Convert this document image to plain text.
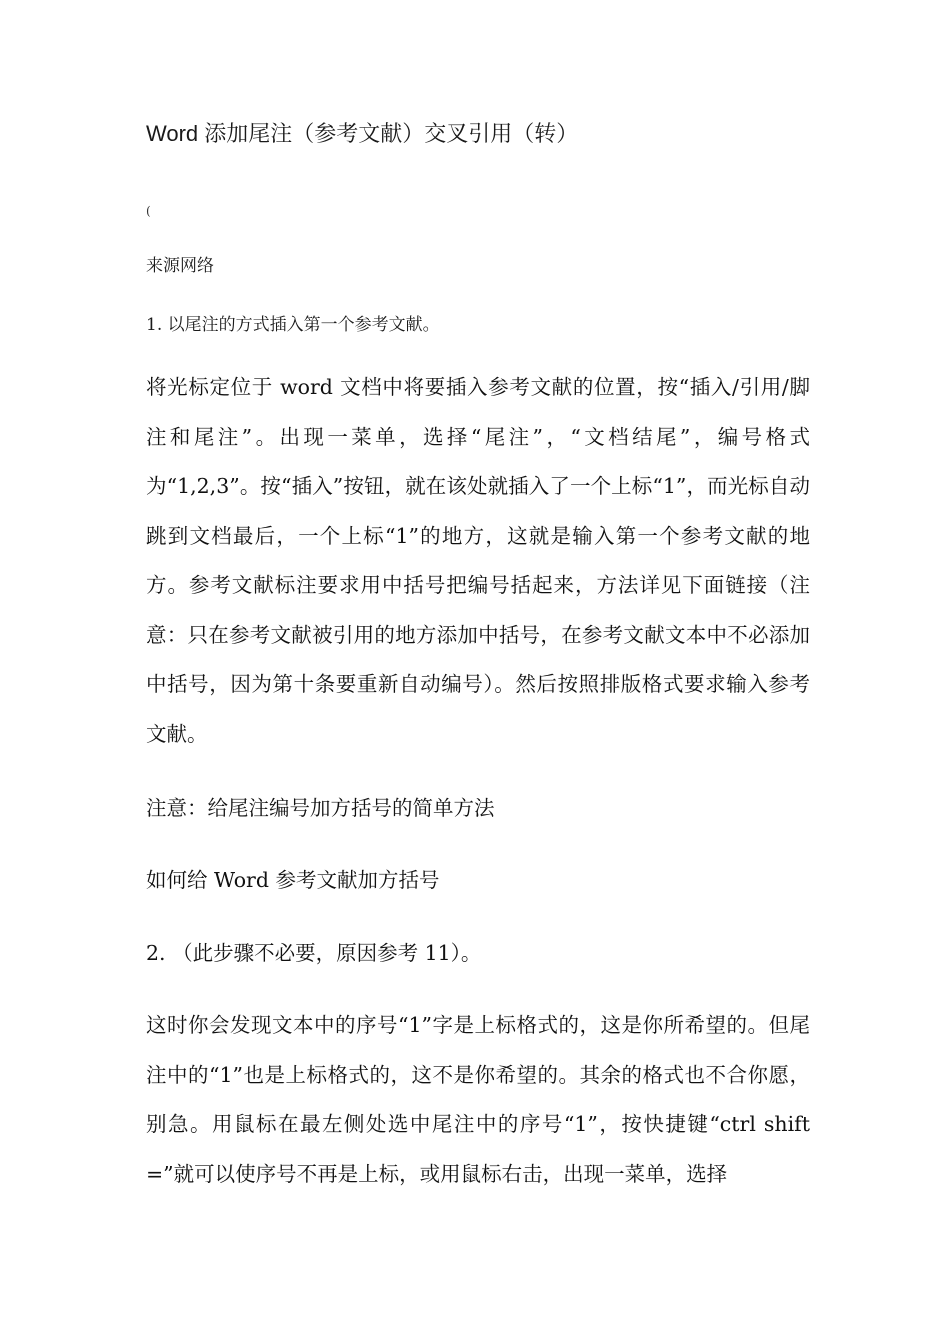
Word 添加尾注（参考文献）交叉引用（转）
(
来源网络
1. 以尾注的方式插入第一个参考文献。
将光标定位于 word 文档中将要插入参考文献的位置，按“插入/引用/脚注和尾注”。出现一菜单，选择“尾注”，“文档结尾”，编号格式为“1,2,3”。按“插入”按钮，就在该处就插入了一个上标“1”，而光标自动跳到文档最后，一个上标“1”的地方，这就是输入第一个参考文献的地方。参考文献标注要求用中括号把编号括起来，方法详见下面链接（注意：只在参考文献被引用的地方添加中括号，在参考文献文本中不必添加中括号，因为第十条要重新自动编号）。然后按照排版格式要求输入参考文献。
注意：给尾注编号加方括号的简单方法
如何给 Word 参考文献加方括号
2. （此步骤不必要，原因参考 11）。
这时你会发现文本中的序号“1”字是上标格式的，这是你所希望的。但尾注中的“1”也是上标格式的，这不是你希望的。其余的格式也不合你愿，别急。用鼠标在最左侧处选中尾注中的序号“1”，按快捷键“ctrl shift =”就可以使序号不再是上标，或用鼠标右击，出现一菜单，选择
